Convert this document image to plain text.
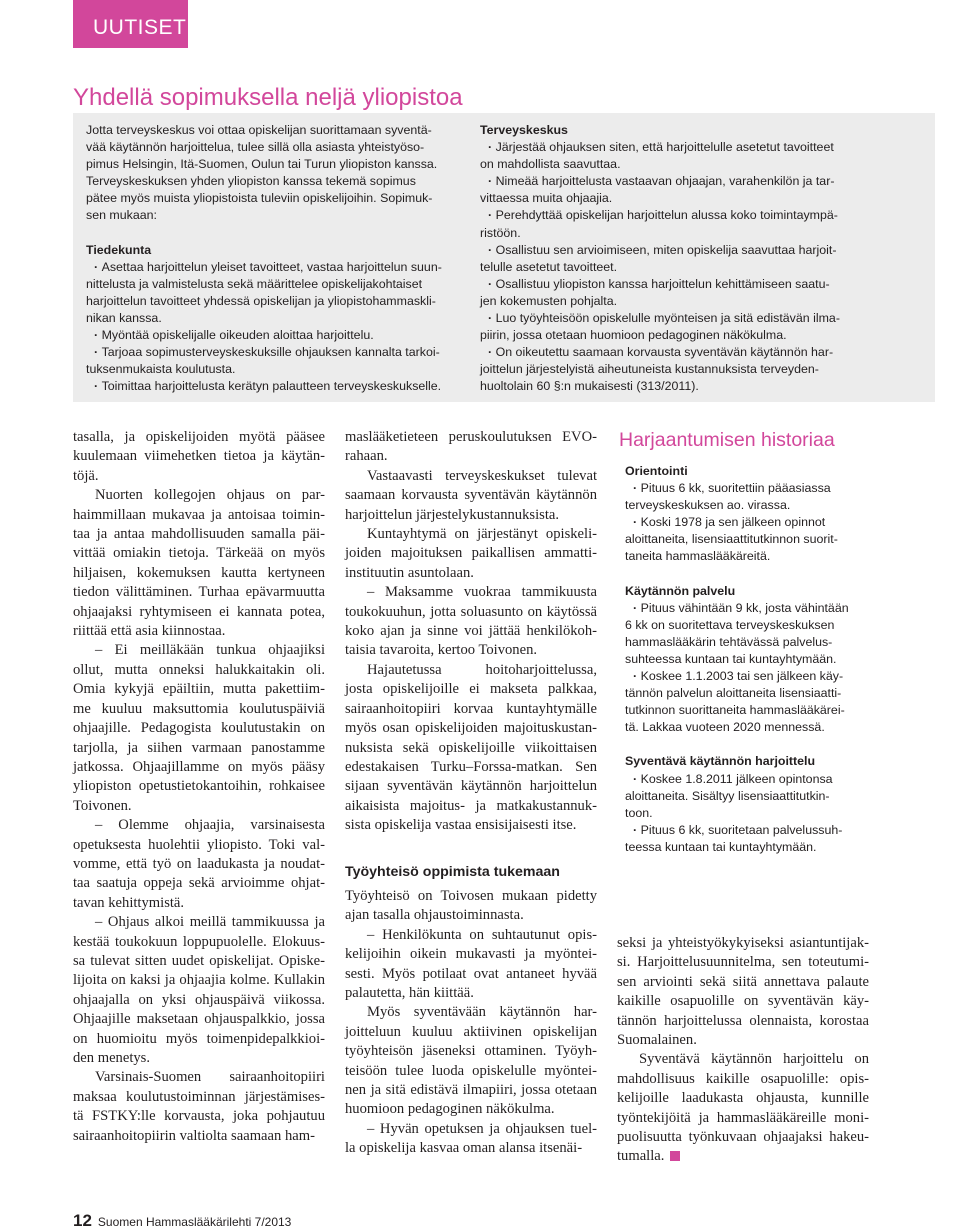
UUTISET
Yhdellä sopimuksella neljä yliopistoa
Jotta terveyskeskus voi ottaa opiskelijan suorittamaan syventä-
vää käytännön harjoittelua, tulee sillä olla asiasta yhteistyöso-
pimus Helsingin, Itä-Suomen, Oulun tai Turun yliopiston kanssa.
Terveyskeskuksen yhden yliopiston kanssa tekemä sopimus
pätee myös muista yliopistoista tuleviin opiskelijoihin. Sopimuk-
sen mukaan:
Tiedekunta
· Asettaa harjoittelun yleiset tavoitteet, vastaa harjoittelun suun-
nittelusta ja valmistelusta sekä määrittelee opiskelijakohtaiset
harjoittelun tavoitteet yhdessä opiskelijan ja yliopistohammaskli-
nikan kanssa.
· Myöntää opiskelijalle oikeuden aloittaa harjoittelu.
· Tarjoaa sopimusterveyskeskuksille ohjauksen kannalta tarkoi-
tuksenmukaista koulutusta.
· Toimittaa harjoittelusta kerätyn palautteen terveyskeskukselle.
Terveyskeskus
· Järjestää ohjauksen siten, että harjoittelulle asetetut tavoitteet
on mahdollista saavuttaa.
· Nimeää harjoittelusta vastaavan ohjaajan, varahenkilön ja tar-
vittaessa muita ohjaajia.
· Perehdyttää opiskelijan harjoittelun alussa koko toimintaympä-
ristöön.
· Osallistuu sen arvioimiseen, miten opiskelija saavuttaa harjoit-
telulle asetetut tavoitteet.
· Osallistuu yliopiston kanssa harjoittelun kehittämiseen saatu-
jen kokemusten pohjalta.
· Luo työyhteisöön opiskelulle myönteisen ja sitä edistävän ilma-
piirin, jossa otetaan huomioon pedagoginen näkökulma.
· On oikeutettu saamaan korvausta syventävän käytännön har-
joittelun järjestelyistä aiheutuneista kustannuksista terveyden-
huoltolain 60 §:n mukaisesti (313/2011).
tasalla, ja opiskelijoiden myötä pääsee
kuulemaan viimehetken tietoa ja käytän-
töjä.
Nuorten kollegojen ohjaus on par-
haimmillaan mukavaa ja antoisaa toimin-
taa ja antaa mahdollisuuden samalla päi-
vittää omiakin tietoja. Tärkeää on myös
hiljaisen, kokemuksen kautta kertyneen
tiedon välittäminen. Turhaa epävarmuutta
ohjaajaksi ryhtymiseen ei kannata potea,
riittää että asia kiinnostaa.
– Ei meilläkään tunkua ohjaajiksi
ollut, mutta onneksi halukkaitakin oli.
Omia kykyjä epäiltiin, mutta pakettiim-
me kuuluu maksuttomia koulutuspäiviä
ohjaajille. Pedagogista koulutustakin on
tarjolla, ja siihen varmaan panostamme
jatkossa. Ohjaajillamme on myös pääsy
yliopiston opetustietokantoihin, rohkaisee
Toivonen.
– Olemme ohjaajia, varsinaisesta
opetuksesta huolehtii yliopisto. Toki val-
vomme, että työ on laadukasta ja noudat-
taa saatuja oppeja sekä arvioimme ohjat-
tavan kehittymistä.
– Ohjaus alkoi meillä tammikuussa ja
kestää toukokuun loppupuolelle. Elokuus-
sa tulevat sitten uudet opiskelijat. Opiske-
lijoita on kaksi ja ohjaajia kolme. Kullakin
ohjaajalla on yksi ohjauspäivä viikossa.
Ohjaajille maksetaan ohjauspalkkio, jossa
on huomioitu myös toimenpidepalkkioi-
den menetys.
Varsinais-Suomen sairaanhoitopiiri
maksaa koulutustoiminnan järjestämises-
tä FSTKY:lle korvausta, joka pohjautuu
sairaanhoitopiirin valtiolta saamaan ham-
maslääketieteen peruskoulutuksen EVO-
rahaan.
Vastaavasti terveyskeskukset tulevat
saamaan korvausta syventävän käytännön
harjoittelun järjestelykustannuksista.
Kuntayhtymä on järjestänyt opiskeli-
joiden majoituksen paikallisen ammatti-
instituutin asuntolaan.
– Maksamme vuokraa tammikuusta
toukokuuhun, jotta soluasunto on käytössä
koko ajan ja sinne voi jättää henkilökoh-
taisia tavaroita, kertoo Toivonen.
Hajautetussa hoitoharjoittelussa,
josta opiskelijoille ei makseta palkkaa,
sairaanhoitopiiri korvaa kuntayhtymälle
myös osan opiskelijoiden majoituskustan-
nuksista sekä opiskelijoille viikoittaisen
edestakaisen Turku–Forssa-matkan. Sen
sijaan syventävän käytännön harjoittelun
aikaisista majoitus- ja matkakustannuk-
sista opiskelija vastaa ensisijaisesti itse.
Työyhteisö oppimista tukemaan
Työyhteisö on Toivosen mukaan pidetty
ajan tasalla ohjaustoiminnasta.
– Henkilökunta on suhtautunut opis-
kelijoihin oikein mukavasti ja myöntei-
sesti. Myös potilaat ovat antaneet hyvää
palautetta, hän kiittää.
Myös syventävään käytännön har-
joitteluun kuuluu aktiivinen opiskelijan
työyhteisön jäseneksi ottaminen. Työyh-
teisöön tulee luoda opiskelulle myöntei-
nen ja sitä edistävä ilmapiiri, jossa otetaan
huomioon pedagoginen näkökulma.
– Hyvän opetuksen ja ohjauksen tuel-
la opiskelija kasvaa oman alansa itsenäi-
Harjaantumisen historiaa
Orientointi
· Pituus 6 kk, suoritettiin pääasiassa
terveyskeskuksen ao. virassa.
· Koski 1978 ja sen jälkeen opinnot
aloittaneita, lisensiaattitutkinnon suorit-
taneita hammaslääkäreitä.
Käytännön palvelu
· Pituus vähintään 9 kk, josta vähintään
6 kk on suoritettava terveyskeskuksen
hammaslääkärin tehtävässä palvelus-
suhteessa kuntaan tai kuntayhtymään.
· Koskee 1.1.2003 tai sen jälkeen käy-
tännön palvelun aloittaneita lisensiaatti-
tutkinnon suorittaneita hammaslääkärei-
tä. Lakkaa vuoteen 2020 mennessä.
Syventävä käytännön harjoittelu
· Koskee 1.8.2011 jälkeen opintonsa
aloittaneita. Sisältyy lisensiaattitutkin-
toon.
· Pituus 6 kk, suoritetaan palvelussuh-
teessa kuntaan tai kuntayhtymään.
seksi ja yhteistyökykyiseksi asiantuntijak-
si. Harjoittelusuunnitelma, sen toteutumi-
sen arviointi sekä siitä annettava palaute
kaikille osapuolille on syventävän käy-
tännön harjoittelussa olennaista, korostaa
Suomalainen.
Syventävä käytännön harjoittelu on
mahdollisuus kaikille osapuolille: opis-
kelijoille laadukasta ohjausta, kunnille
työntekijöitä ja hammaslääkäreille moni-
puolisuutta työnkuvaan ohjaajaksi hakeu-
tumalla.
12 Suomen Hammaslääkärilehti 7/2013
